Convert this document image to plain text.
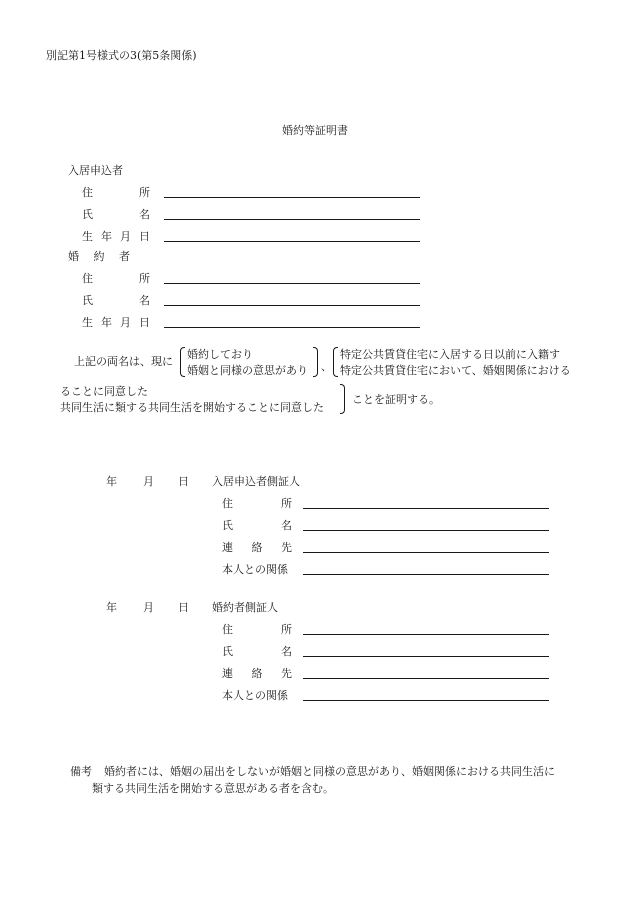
別記第1号様式の3(第5条関係)
婚約等証明書
入居申込者
住	所
氏	名
生 年 月 日
婚 約 者
住	所
氏	名
生 年 月 日
上記の両名は、現に
婚約しており
婚姻と同様の意思があり 、
特定公共賃貸住宅に入居する日以前に入籍す
特定公共賃貸住宅において、婚姻関係における
ることに同意した
共同生活に類する共同生活を開始することに同意した
ことを証明する。
年 月 日 入居申込者側証人
住	所
氏	名
連 絡 先
本人との関係
年 月 日 婚約者側証人
住	所
氏	名
連 絡 先
本人との関係
備考 婚約者には、婚姻の届出をしないが婚姻と同様の意思があり、婚姻関係における共同生活に
類する共同生活を開始する意思がある者を含む。
